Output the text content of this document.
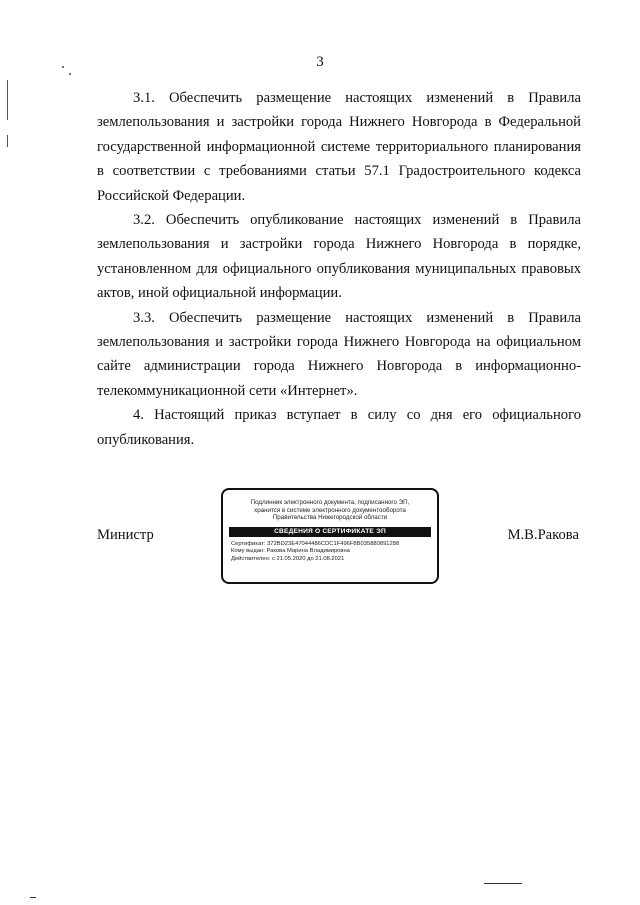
3

3.1. Обеспечить размещение настоящих изменений в Правила землепользования и застройки города Нижнего Новгорода в Федеральной государственной информационной системе территориального планирования в соответствии с требованиями статьи 57.1 Градостроительного кодекса Российской Федерации.

3.2. Обеспечить опубликование настоящих изменений в Правила землепользования и застройки города Нижнего Новгорода в порядке, установленном для официального опубликования муниципальных правовых актов, иной официальной информации.

3.3. Обеспечить размещение настоящих изменений в Правила землепользования и застройки города Нижнего Новгорода на официальном сайте администрации города Нижнего Новгорода в информационно-телекоммуникационной сети «Интернет».

4. Настоящий приказ вступает в силу со дня его официального опубликования.

Министр	М.В.Ракова
Подлинник электронного документа, подписанного ЭП,
хранится в системе электронного документооборота
Правительства Нижегородской области
СВЕДЕНИЯ О СЕРТИФИКАТЕ ЭП
Сертификат: 372BD23E47044486CDC1F496F8B035880891288
Кому выдан: Ракова Марина Владимировна
Действителен: с 21.05.2020 до 21.08.2021
